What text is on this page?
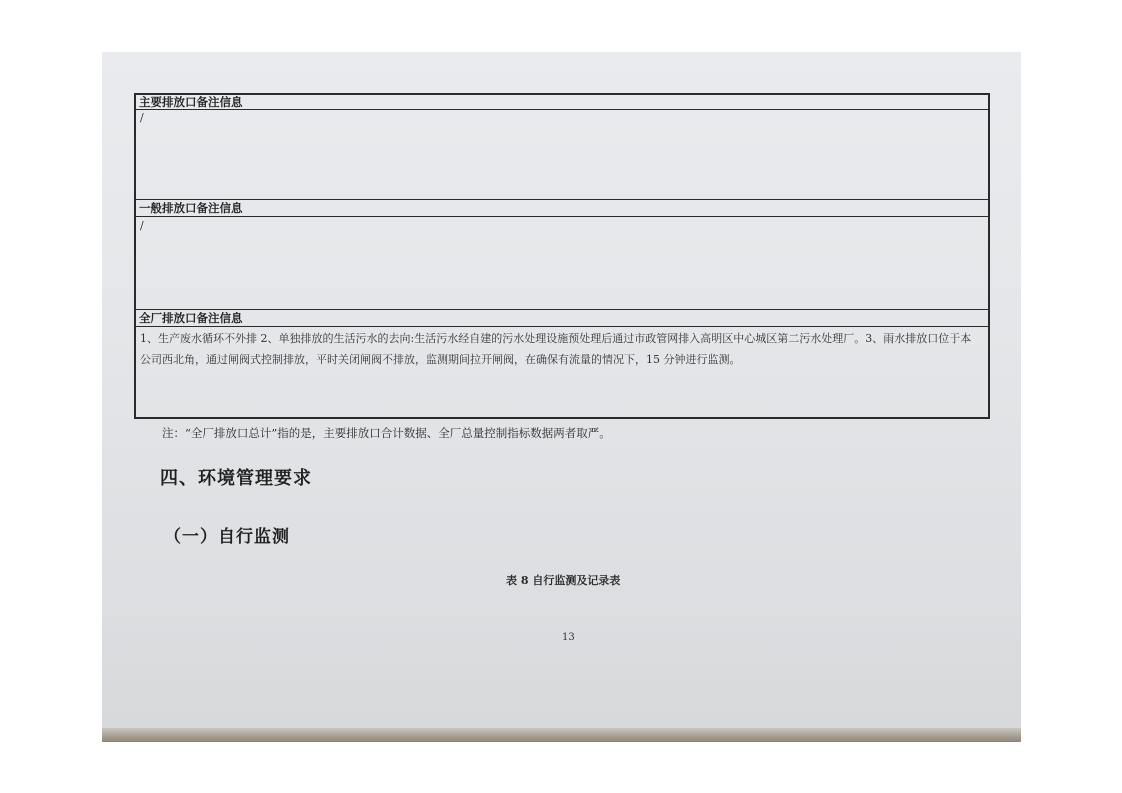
主要排放口备注信息
/
一般排放口备注信息
/
全厂排放口备注信息
1、生产废水循环不外排 2、单独排放的生活污水的去向:生活污水经自建的污水处理设施预处理后通过市政管网排入高明区中心城区第二污水处理厂。3、雨水排放口位于本公司西北角，通过闸阀式控制排放，平时关闭闸阀不排放，监测期间拉开闸阀，在确保有流量的情况下，15 分钟进行监测。
注：“全厂排放口总计”指的是，主要排放口合计数据、全厂总量控制指标数据两者取严。
四、环境管理要求
（一）自行监测
表 8 自行监测及记录表
13
